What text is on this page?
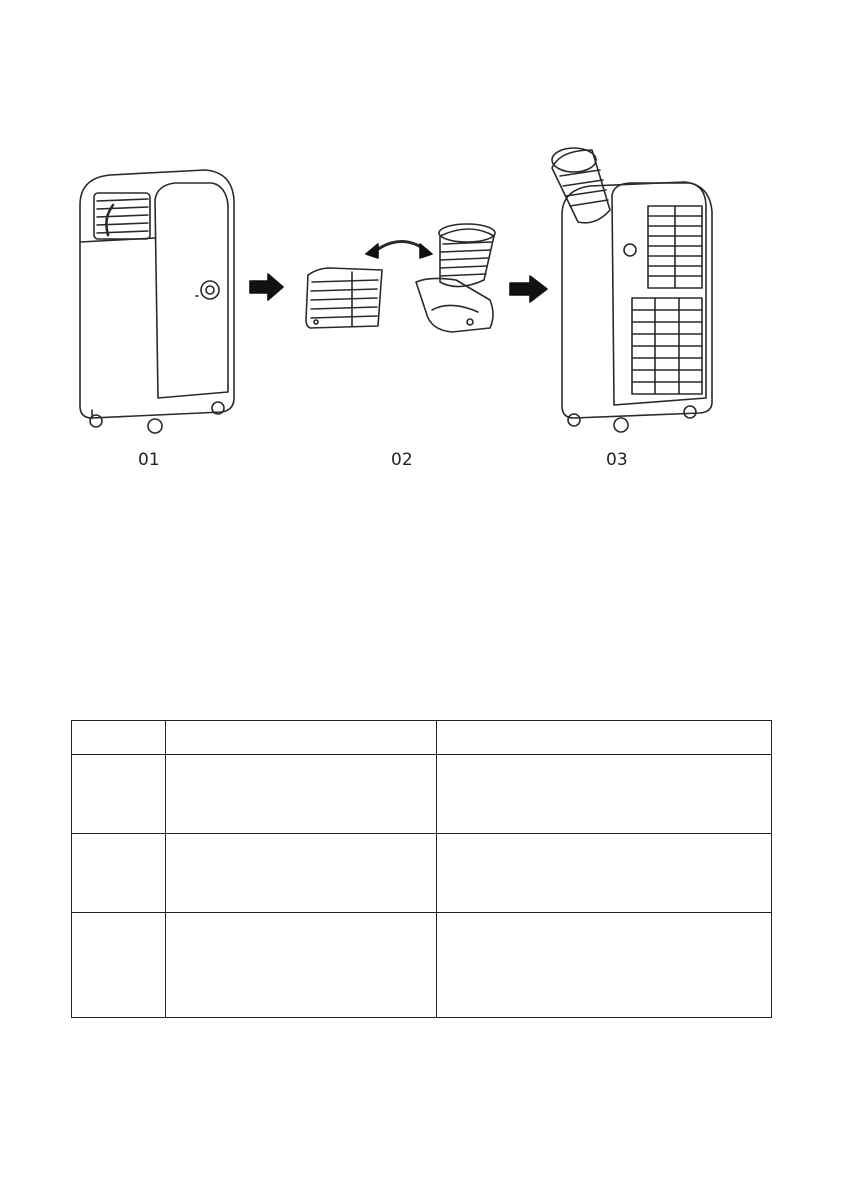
01	02	03
